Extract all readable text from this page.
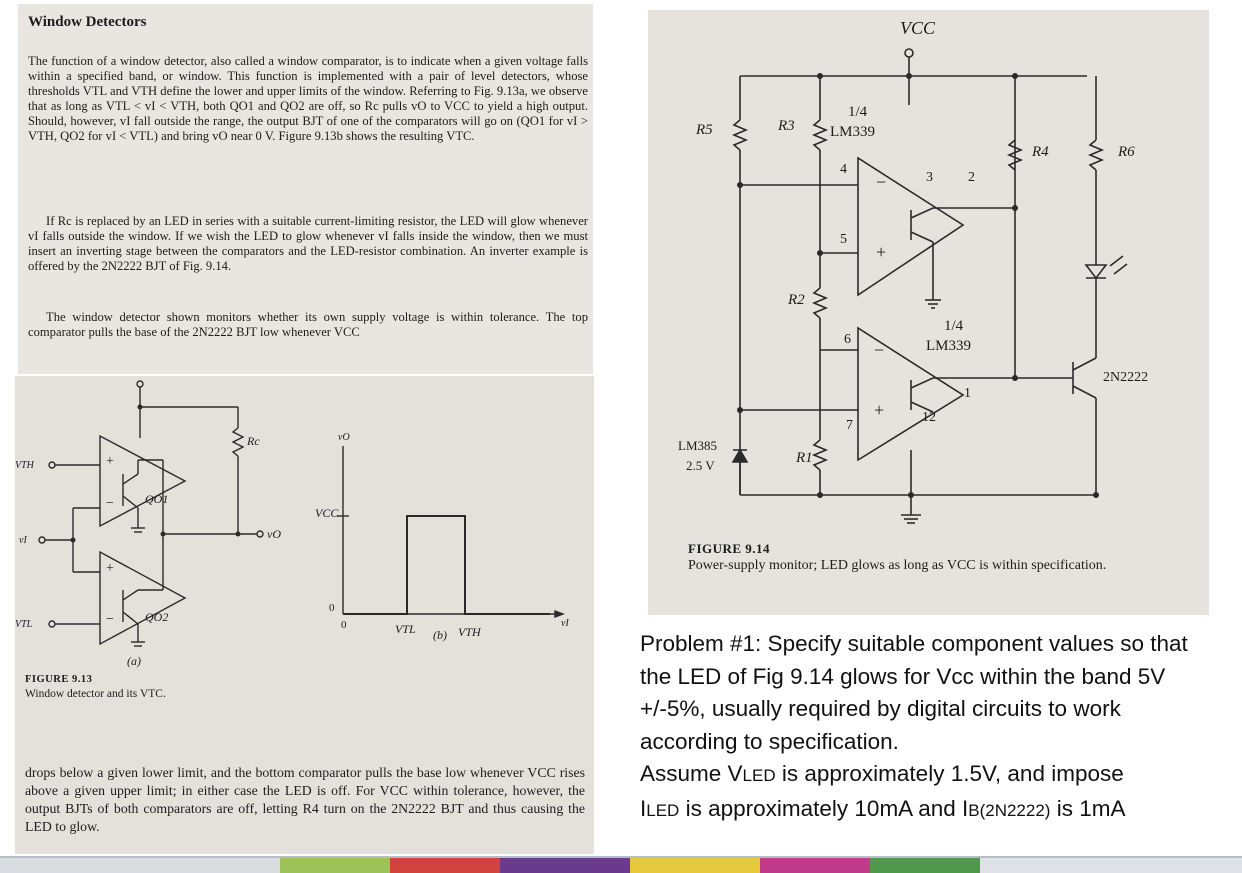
Window Detectors
The function of a window detector, also called a window comparator, is to indicate when a given voltage falls within a specified band, or window. This function is implemented with a pair of level detectors, whose thresholds VTL and VTH define the lower and upper limits of the window. Referring to Fig. 9.13a, we observe that as long as VTL < vI < VTH, both QO1 and QO2 are off, so Rc pulls vO to VCC to yield a high output. Should, however, vI fall outside the range, the output BJT of one of the comparators will go on (QO1 for vI > VTH, QO2 for vI < VTL) and bring vO near 0 V. Figure 9.13b shows the resulting VTC.
If Rc is replaced by an LED in series with a suitable current-limiting resistor, the LED will glow whenever vI falls outside the window. If we wish the LED to glow whenever vI falls inside the window, then we must insert an inverting stage between the comparators and the LED-resistor combination. An inverter example is offered by the 2N2222 BJT of Fig. 9.14.
The window detector shown monitors whether its own supply voltage is within tolerance. The top comparator pulls the base of the 2N2222 BJT low whenever VCC
VTH
vI
VTL
+
−
+
−
QO1
QO2
Rc
vO
vO
VCC
0
0	VTL	VTH
vI
(a)
(b)
FIGURE 9.13
Window detector and its VTC.
drops below a given lower limit, and the bottom comparator pulls the base low whenever VCC rises above a given upper limit; in either case the LED is off. For VCC within tolerance, however, the output BJTs of both comparators are off, letting R4 turn on the 2N2222 BJT and thus causing the LED to glow.
VCC
R5	R3
1/4
LM339
R4	R6
4
−	3	2
5
+
R2
1/4
LM339
6
−
1
+
7
12
2N2222
R1
LM385
2.5 V
FIGURE 9.14
Power-supply monitor; LED glows as long as VCC is within specification.
Problem #1: Specify suitable component values so that the LED of Fig 9.14 glows for Vcc within the band 5V +/-5%, usually required by digital circuits to work according to specification.
Assume VLED is approximately 1.5V, and impose
ILED is approximately 10mA and IB(2N2222) is 1mA
